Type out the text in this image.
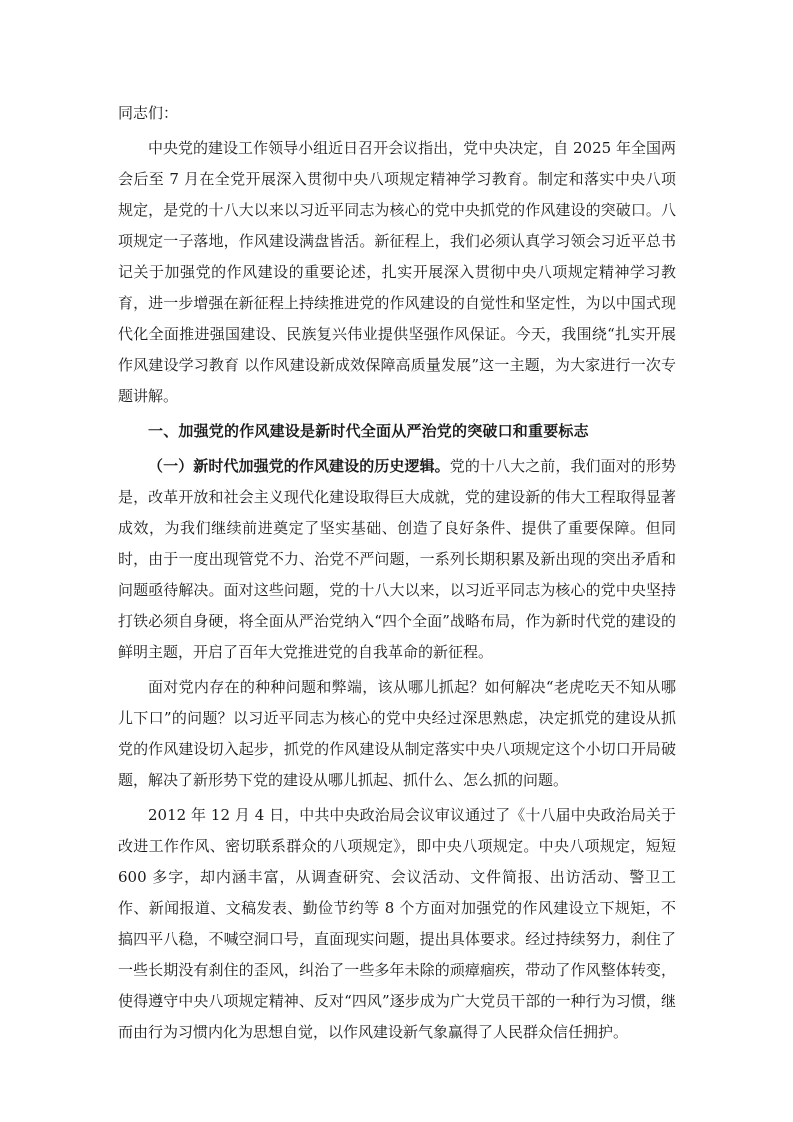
同志们：

中央党的建设工作领导小组近日召开会议指出，党中央决定，自 2025 年全国两会后至 7 月在全党开展深入贯彻中央八项规定精神学习教育。制定和落实中央八项规定，是党的十八大以来以习近平同志为核心的党中央抓党的作风建设的突破口。八项规定一子落地，作风建设满盘皆活。新征程上，我们必须认真学习领会习近平总书记关于加强党的作风建设的重要论述，扎实开展深入贯彻中央八项规定精神学习教育，进一步增强在新征程上持续推进党的作风建设的自觉性和坚定性，为以中国式现代化全面推进强国建设、民族复兴伟业提供坚强作风保证。今天，我围绕“扎实开展作风建设学习教育 以作风建设新成效保障高质量发展”这一主题，为大家进行一次专题讲解。

一、加强党的作风建设是新时代全面从严治党的突破口和重要标志

（一）新时代加强党的作风建设的历史逻辑。党的十八大之前，我们面对的形势是，改革开放和社会主义现代化建设取得巨大成就，党的建设新的伟大工程取得显著成效，为我们继续前进奠定了坚实基础、创造了良好条件、提供了重要保障。但同时，由于一度出现管党不力、治党不严问题，一系列长期积累及新出现的突出矛盾和问题亟待解决。面对这些问题，党的十八大以来，以习近平同志为核心的党中央坚持打铁必须自身硬，将全面从严治党纳入“四个全面”战略布局，作为新时代党的建设的鲜明主题，开启了百年大党推进党的自我革命的新征程。

面对党内存在的种种问题和弊端，该从哪儿抓起？如何解决“老虎吃天不知从哪儿下口”的问题？以习近平同志为核心的党中央经过深思熟虑，决定抓党的建设从抓党的作风建设切入起步，抓党的作风建设从制定落实中央八项规定这个小切口开局破题，解决了新形势下党的建设从哪儿抓起、抓什么、怎么抓的问题。

2012 年 12 月 4 日，中共中央政治局会议审议通过了《十八届中央政治局关于改进工作作风、密切联系群众的八项规定》，即中央八项规定。中央八项规定，短短 600 多字，却内涵丰富，从调查研究、会议活动、文件简报、出访活动、警卫工作、新闻报道、文稿发表、勤俭节约等 8 个方面对加强党的作风建设立下规矩，不搞四平八稳，不喊空洞口号，直面现实问题，提出具体要求。经过持续努力，刹住了一些长期没有刹住的歪风，纠治了一些多年未除的顽瘴痼疾，带动了作风整体转变，使得遵守中央八项规定精神、反对“四风”逐步成为广大党员干部的一种行为习惯，继而由行为习惯内化为思想自觉，以作风建设新气象赢得了人民群众信任拥护。
